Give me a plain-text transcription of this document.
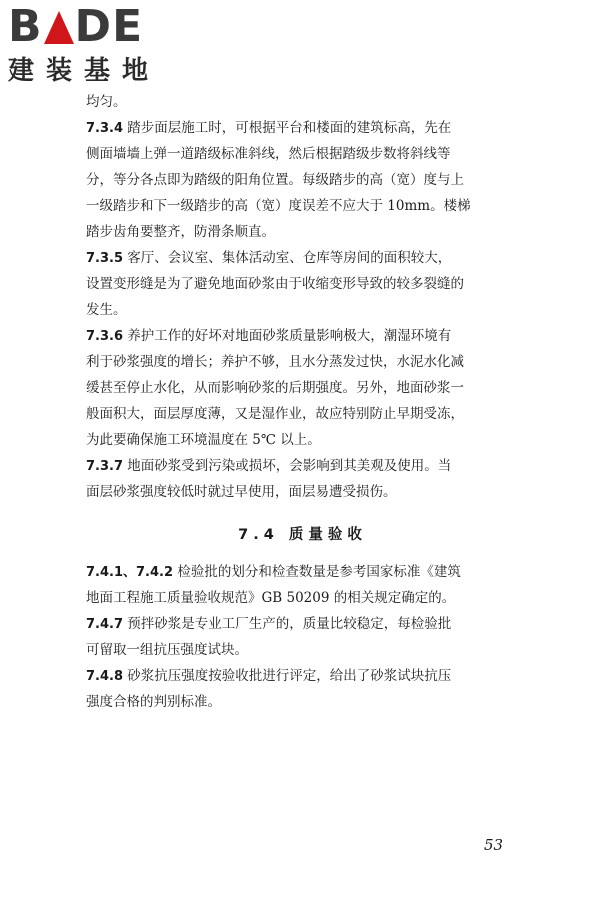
B DE
建装基地
均匀。
7.3.4 踏步面层施工时，可根据平台和楼面的建筑标高，先在
侧面墙墙上弹一道踏级标准斜线，然后根据踏级步数将斜线等
分，等分各点即为踏级的阳角位置。每级踏步的高（宽）度与上
一级踏步和下一级踏步的高（宽）度误差不应大于 10mm。楼梯
踏步齿角要整齐，防滑条顺直。
7.3.5 客厅、会议室、集体活动室、仓库等房间的面积较大，
设置变形缝是为了避免地面砂浆由于收缩变形导致的较多裂缝的
发生。
7.3.6 养护工作的好坏对地面砂浆质量影响极大，潮湿环境有
利于砂浆强度的增长；养护不够，且水分蒸发过快，水泥水化减
缓甚至停止水化，从而影响砂浆的后期强度。另外，地面砂浆一
般面积大，面层厚度薄，又是湿作业，故应特别防止早期受冻，
为此要确保施工环境温度在 5℃ 以上。
7.3.7 地面砂浆受到污染或损坏，会影响到其美观及使用。当
面层砂浆强度较低时就过早使用，面层易遭受损伤。
7.4 质量验收
7.4.1、7.4.2 检验批的划分和检查数量是参考国家标准《建筑
地面工程施工质量验收规范》GB 50209 的相关规定确定的。
7.4.7 预拌砂浆是专业工厂生产的，质量比较稳定，每检验批
可留取一组抗压强度试块。
7.4.8 砂浆抗压强度按验收批进行评定，给出了砂浆试块抗压
强度合格的判别标准。
53
